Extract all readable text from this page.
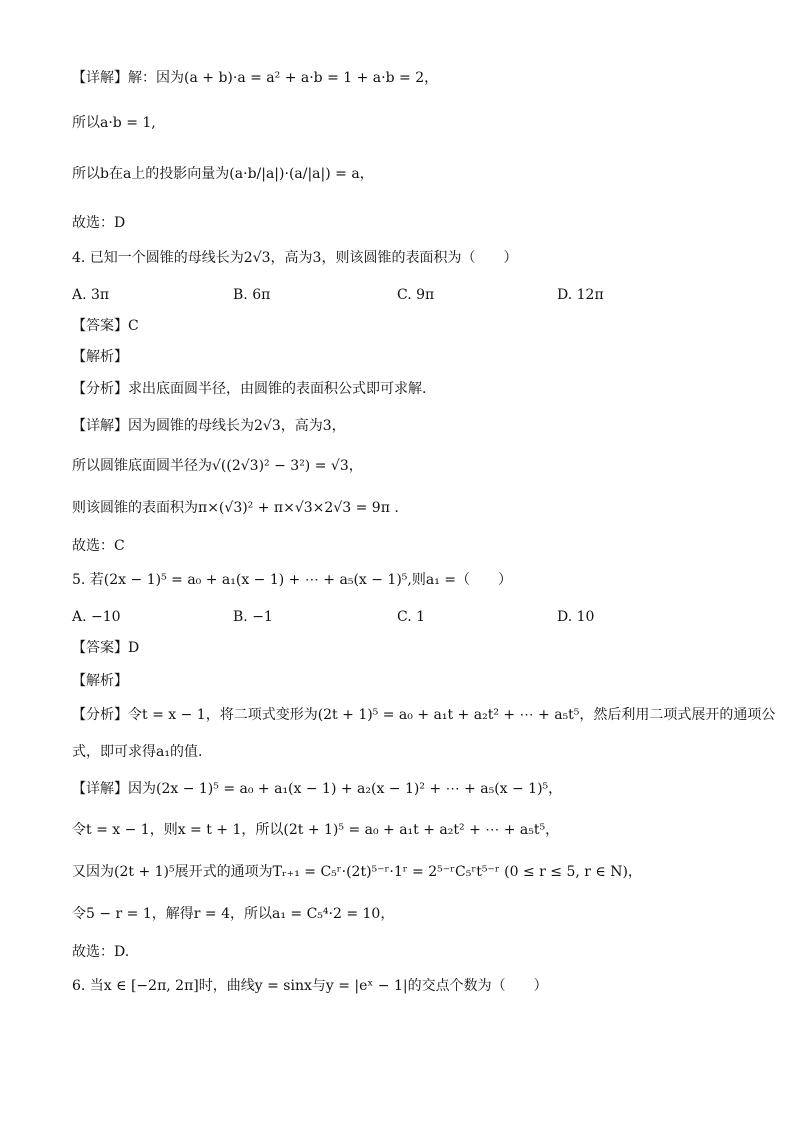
【详解】解：因为(a + b)·a = a² + a·b = 1 + a·b = 2，
所以a·b = 1,
所以b在a上的投影向量为(a·b/|a|)·(a/|a|) = a，
故选：D
4. 已知一个圆锥的母线长为2√3，高为3，则该圆锥的表面积为（　　）
A. 3π	B. 6π	C. 9π	D. 12π
【答案】C
【解析】
【分析】求出底面圆半径，由圆锥的表面积公式即可求解.
【详解】因为圆锥的母线长为2√3，高为3，
所以圆锥底面圆半径为√((2√3)² − 3²) = √3，
则该圆锥的表面积为π×(√3)² + π×√3×2√3 = 9π .
故选：C
5. 若(2x − 1)⁵ = a₀ + a₁(x − 1) + ⋯ + a₅(x − 1)⁵,则a₁ =（　　）
A. −10	B. −1	C. 1	D. 10
【答案】D
【解析】
【分析】令t = x − 1，将二项式变形为(2t + 1)⁵ = a₀ + a₁t + a₂t² + ⋯ + a₅t⁵，然后利用二项式展开的通项公
式，即可求得a₁的值.
【详解】因为(2x − 1)⁵ = a₀ + a₁(x − 1) + a₂(x − 1)² + ⋯ + a₅(x − 1)⁵，
令t = x − 1，则x = t + 1，所以(2t + 1)⁵ = a₀ + a₁t + a₂t² + ⋯ + a₅t⁵，
又因为(2t + 1)⁵展开式的通项为Tᵣ₊₁ = C₅ʳ·(2t)⁵⁻ʳ·1ʳ = 2⁵⁻ʳC₅ʳt⁵⁻ʳ (0 ≤ r ≤ 5, r ∈ N)，
令5 − r = 1，解得r = 4，所以a₁ = C₅⁴·2 = 10，
故选：D.
6. 当x ∈ [−2π, 2π]时，曲线y = sinx与y = |eˣ − 1|的交点个数为（　　）
